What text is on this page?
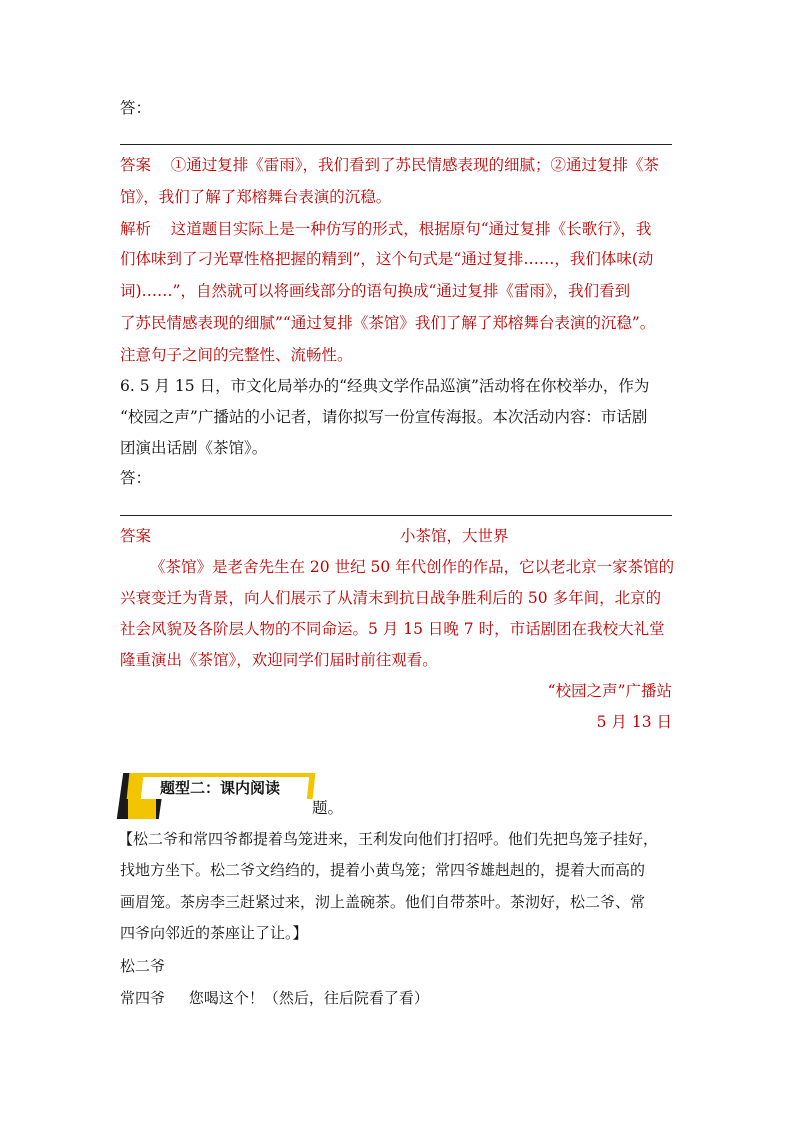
答：
答案 ①通过复排《雷雨》，我们看到了苏民情感表现的细腻；②通过复排《茶
馆》，我们了解了郑榕舞台表演的沉稳。
解析 这道题目实际上是一种仿写的形式，根据原句“通过复排《长歌行》，我
们体味到了刁光覃性格把握的精到”，这个句式是“通过复排……，我们体味(动
词)……”，自然就可以将画线部分的语句换成“通过复排《雷雨》，我们看到
了苏民情感表现的细腻”“通过复排《茶馆》我们了解了郑榕舞台表演的沉稳”。
注意句子之间的完整性、流畅性。
6. 5 月 15 日，市文化局举办的“经典文学作品巡演”活动将在你校举办，作为
“校园之声”广播站的小记者，请你拟写一份宣传海报。本次活动内容：市话剧
团演出话剧《茶馆》。
答：
答案	小茶馆，大世界
《茶馆》是老舍先生在 20 世纪 50 年代创作的作品，它以老北京一家茶馆的
兴衰变迁为背景，向人们展示了从清末到抗日战争胜利后的 50 多年间，北京的
社会风貌及各阶层人物的不同命运。5 月 15 日晚 7 时，市话剧团在我校大礼堂
隆重演出《茶馆》，欢迎同学们届时前往观看。
“校园之声”广播站
5 月 13 日
题型二：课内阅读
题。
【松二爷和常四爷都提着鸟笼进来，王利发向他们打招呼。他们先把鸟笼子挂好，
找地方坐下。松二爷文绉绉的，提着小黄鸟笼；常四爷雄赳赳的，提着大而高的
画眉笼。茶房李三赶紧过来，沏上盖碗茶。他们自带茶叶。茶沏好，松二爷、常
四爷向邻近的茶座让了让。】
松二爷
常四爷 您喝这个！（然后，往后院看了看）
